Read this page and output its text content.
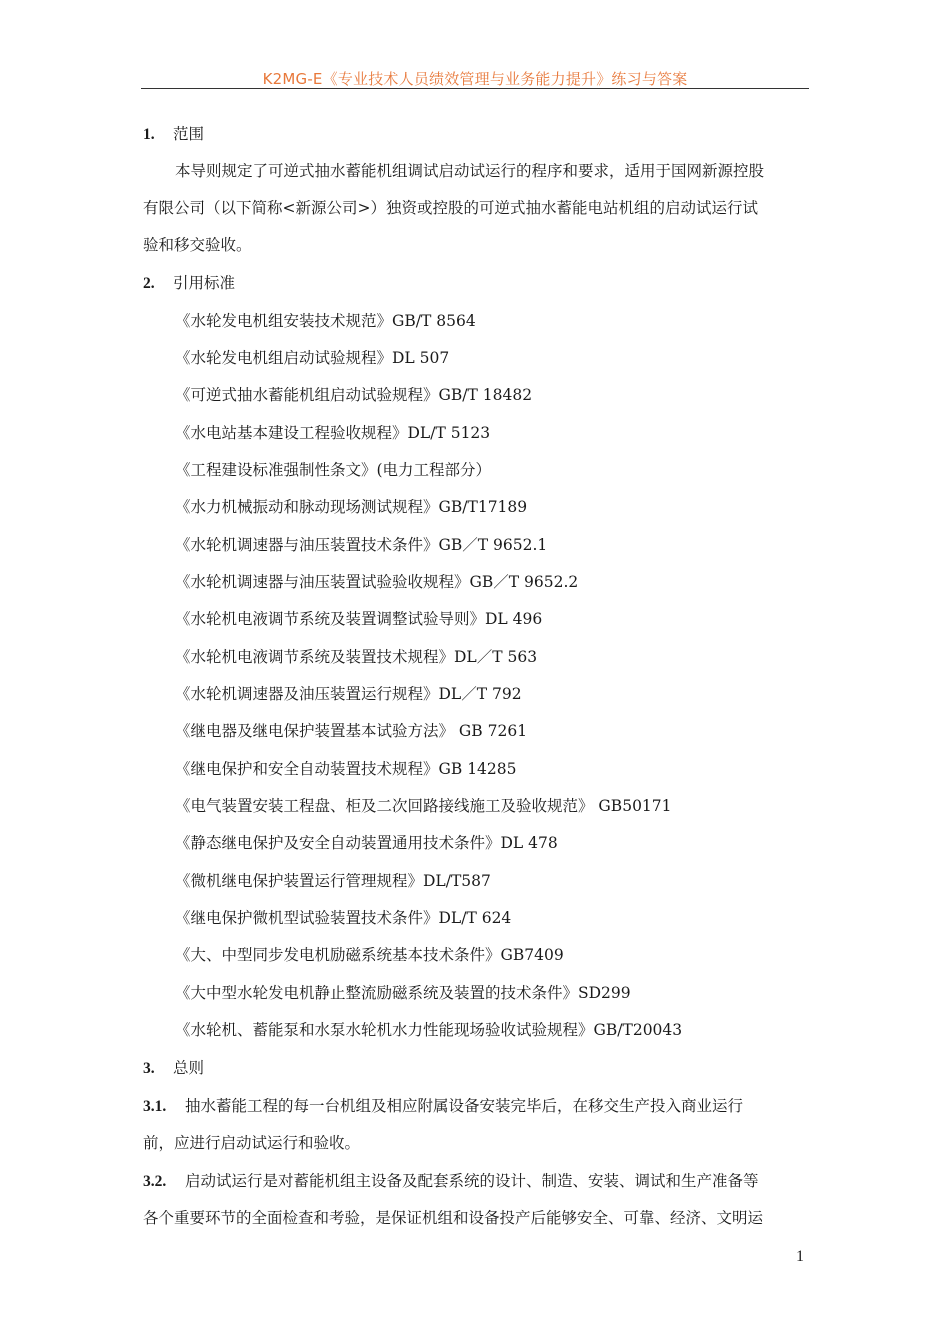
K2MG-E《专业技术人员绩效管理与业务能力提升》练习与答案
1. 范围
本导则规定了可逆式抽水蓄能机组调试启动试运行的程序和要求，适用于国网新源控股
有限公司（以下简称<新源公司>）独资或控股的可逆式抽水蓄能电站机组的启动试运行试
验和移交验收。
2. 引用标准
《水轮发电机组安装技术规范》GB/T 8564
《水轮发电机组启动试验规程》DL 507
《可逆式抽水蓄能机组启动试验规程》GB/T 18482
《水电站基本建设工程验收规程》DL/T 5123
《工程建设标准强制性条文》(电力工程部分）
《水力机械振动和脉动现场测试规程》GB/T17189
《水轮机调速器与油压装置技术条件》GB／T 9652.1
《水轮机调速器与油压装置试验验收规程》GB／T 9652.2
《水轮机电液调节系统及装置调整试验导则》DL 496
《水轮机电液调节系统及装置技术规程》DL／T 563
《水轮机调速器及油压装置运行规程》DL／T 792
《继电器及继电保护装置基本试验方法》 GB 7261
《继电保护和安全自动装置技术规程》GB 14285
《电气装置安装工程盘、柜及二次回路接线施工及验收规范》 GB50171
《静态继电保护及安全自动装置通用技术条件》DL 478
《微机继电保护装置运行管理规程》DL/T587
《继电保护微机型试验装置技术条件》DL/T 624
《大、中型同步发电机励磁系统基本技术条件》GB7409
《大中型水轮发电机静止整流励磁系统及装置的技术条件》SD299
《水轮机、蓄能泵和水泵水轮机水力性能现场验收试验规程》GB/T20043
3. 总则
3.1. 抽水蓄能工程的每一台机组及相应附属设备安装完毕后，在移交生产投入商业运行
前，应进行启动试运行和验收。
3.2. 启动试运行是对蓄能机组主设备及配套系统的设计、制造、安装、调试和生产准备等
各个重要环节的全面检查和考验，是保证机组和设备投产后能够安全、可靠、经济、文明运
1
